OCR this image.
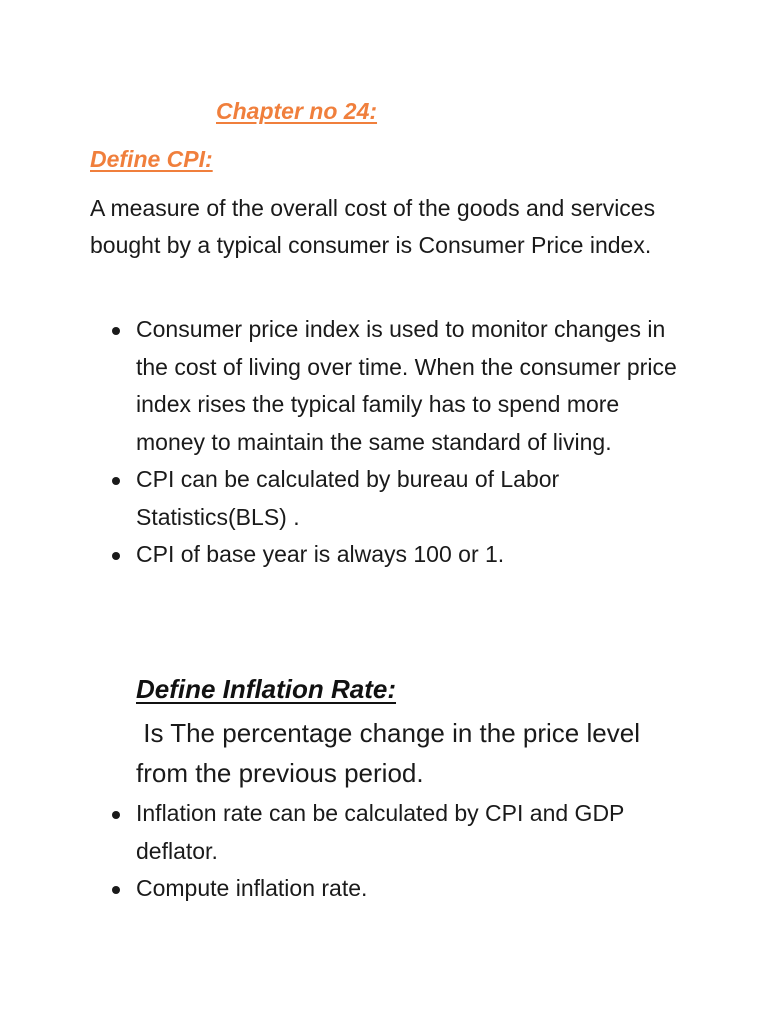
Chapter no 24:
Define CPI:

A measure of the overall cost of the goods and services bought by a typical consumer is Consumer Price index.

Consumer price index is used to monitor changes in the cost of living over time. When the consumer price index rises the typical family has to spend more money to maintain the same standard of living.
CPI can be calculated by bureau of Labor Statistics(BLS) .
CPI of base year is always 100 or 1.
Define Inflation Rate:

Is The percentage change in the price level from the previous period.

Inflation rate can be calculated by CPI and GDP deflator.
Compute inflation rate.
